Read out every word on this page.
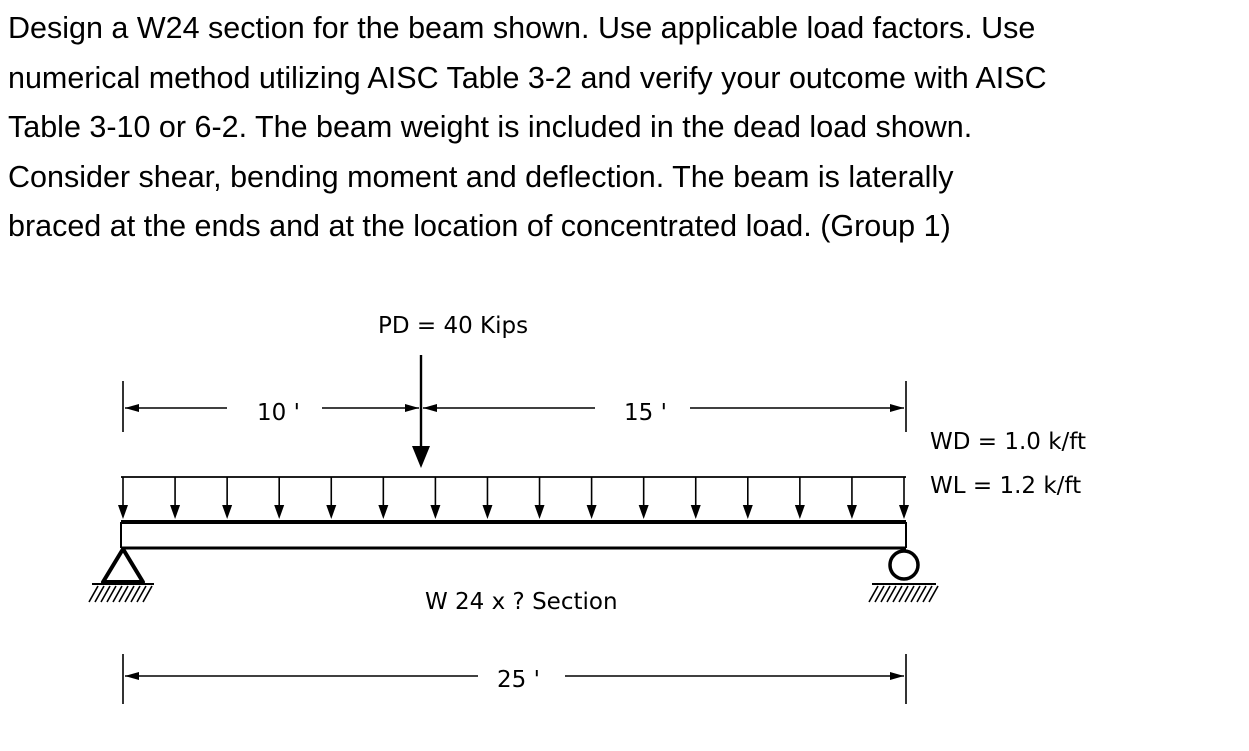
Design a W24 section for the beam shown. Use applicable load factors. Use
numerical method utilizing AISC Table 3-2 and verify your outcome with AISC
Table 3-10 or 6-2. The beam weight is included in the dead load shown.
Consider shear, bending moment and deflection. The beam is laterally
braced at the ends and at the location of concentrated load. (Group 1)

PD = 40 Kips
10 '	15 '
W 24 x ? Section
WD = 1.0 k/ft
WL = 1.2 k/ft
25 '
